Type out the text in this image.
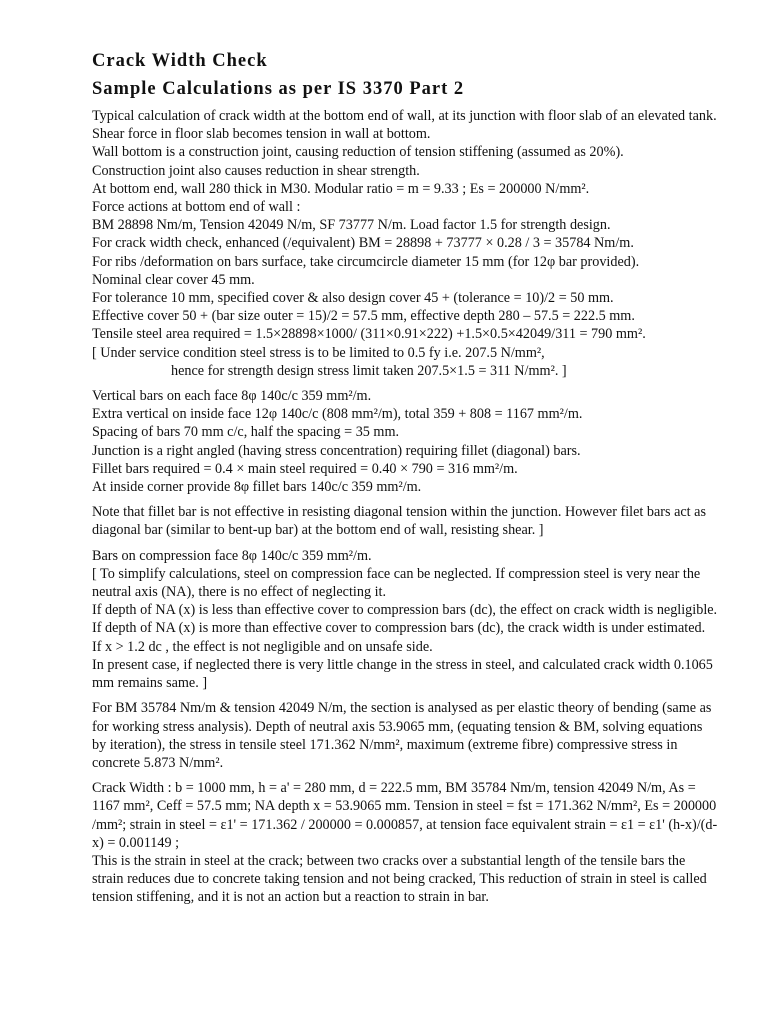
Crack Width Check
Sample Calculations as per IS 3370 Part 2

Typical calculation of crack width at the bottom end of wall, at its junction with floor slab of an elevated tank. Shear force in floor slab becomes tension in wall at bottom.

Wall bottom is a construction joint, causing reduction of tension stiffening (assumed as 20%).

Construction joint also causes reduction in shear strength.

At bottom end, wall 280 thick in M30. Modular ratio = m = 9.33 ; Es = 200000 N/mm².

Force actions at bottom end of wall :

BM 28898 Nm/m, Tension 42049 N/m, SF 73777 N/m. Load factor 1.5 for strength design.

For crack width check, enhanced (/equivalent) BM = 28898 + 73777 × 0.28 / 3 = 35784 Nm/m.

For ribs /deformation on bars surface, take circumcircle diameter 15 mm (for 12φ bar provided).

Nominal clear cover 45 mm.

For tolerance 10 mm, specified cover & also design cover 45 + (tolerance = 10)/2 = 50 mm.

Effective cover 50 + (bar size outer = 15)/2 = 57.5 mm, effective depth 280 – 57.5 = 222.5 mm.

Tensile steel area required = 1.5×28898×1000/ (311×0.91×222) +1.5×0.5×42049/311 = 790 mm².

[ Under service condition steel stress is to be limited to 0.5 fy i.e. 207.5 N/mm²,

hence for strength design stress limit taken 207.5×1.5 = 311 N/mm². ]

Vertical bars on each face 8φ 140c/c 359 mm²/m.

Extra vertical on inside face 12φ 140c/c (808 mm²/m), total 359 + 808 = 1167 mm²/m.

Spacing of bars 70 mm c/c, half the spacing = 35 mm.

Junction is a right angled (having stress concentration) requiring fillet (diagonal) bars.

Fillet bars required = 0.4 × main steel required = 0.40 × 790 = 316 mm²/m.

At inside corner provide 8φ fillet bars 140c/c 359 mm²/m.

Note that fillet bar is not effective in resisting diagonal tension within the junction. However filet bars act as diagonal bar (similar to bent-up bar) at the bottom end of wall, resisting shear. ]

Bars on compression face 8φ 140c/c 359 mm²/m.

[ To simplify calculations, steel on compression face can be neglected. If compression steel is very near the neutral axis (NA), there is no effect of neglecting it.

If depth of NA (x) is less than effective cover to compression bars (dc), the effect on crack width is negligible.

If depth of NA (x) is more than effective cover to compression bars (dc), the crack width is under estimated. If x > 1.2 dc , the effect is not negligible and on unsafe side.

In present case, if neglected there is very little change in the stress in steel, and calculated crack width 0.1065 mm remains same. ]

For BM 35784 Nm/m & tension 42049 N/m, the section is analysed as per elastic theory of bending (same as for working stress analysis). Depth of neutral axis 53.9065 mm, (equating tension & BM, solving equations by iteration), the stress in tensile steel 171.362 N/mm², maximum (extreme fibre) compressive stress in concrete 5.873 N/mm².

Crack Width : b = 1000 mm, h = a' = 280 mm, d = 222.5 mm, BM 35784 Nm/m, tension 42049 N/m, As = 1167 mm², Ceff = 57.5 mm; NA depth x = 53.9065 mm. Tension in steel = fst = 171.362 N/mm², Es = 200000 /mm²; strain in steel = ε1' = 171.362 / 200000 = 0.000857, at tension face equivalent strain = ε1 = ε1' (h-x)/(d-x) = 0.001149 ;

This is the strain in steel at the crack; between two cracks over a substantial length of the tensile bars the strain reduces due to concrete taking tension and not being cracked, This reduction of strain in steel is called tension stiffening, and it is not an action but a reaction to strain in bar.
